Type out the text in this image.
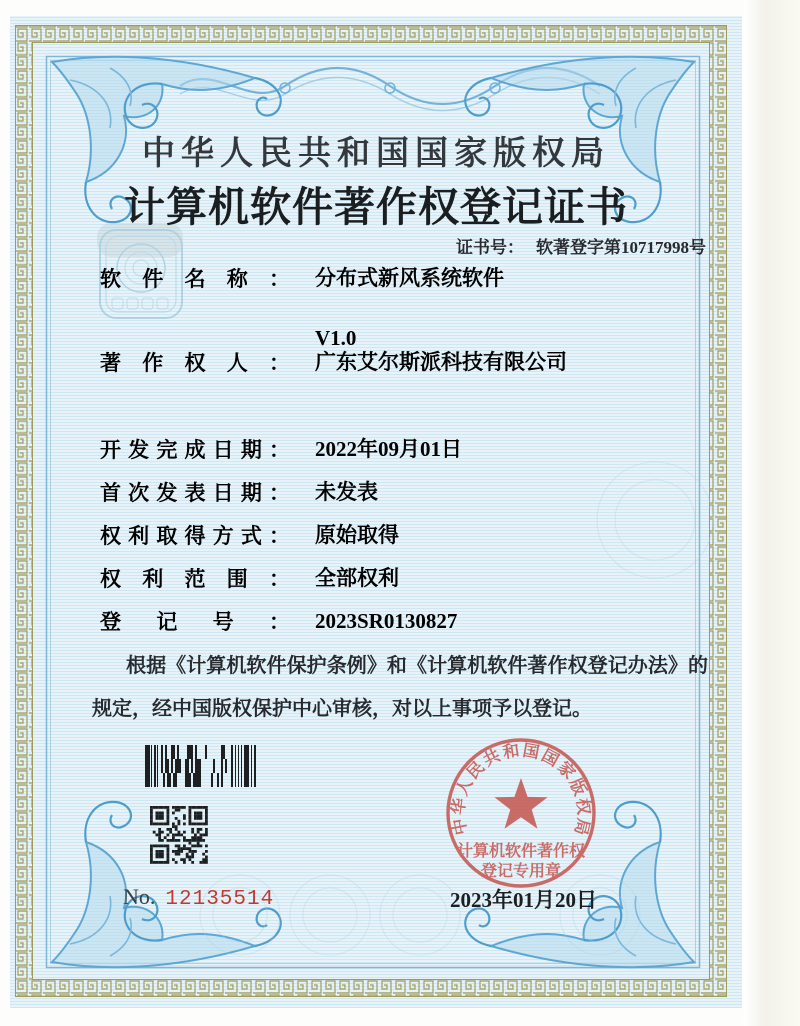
中华人民共和国国家版权局
计算机软件著作权
登记专用章
中华人民共和国国家版权局
计算机软件著作权登记证书
证书号： 软著登字第10717998号
软件名称： 分布式新风系统软件

V1.0
著作权人： 广东艾尔斯派科技有限公司
开发完成日期： 2022年09月01日
首次发表日期： 未发表
权利取得方式： 原始取得
权利范围： 全部权利
登记号： 2023SR0130827
根据《计算机软件保护条例》和《计算机软件著作权登记办法》的规定，经中国版权保护中心审核，对以上事项予以登记。
No. 12135514	2023年01月20日
